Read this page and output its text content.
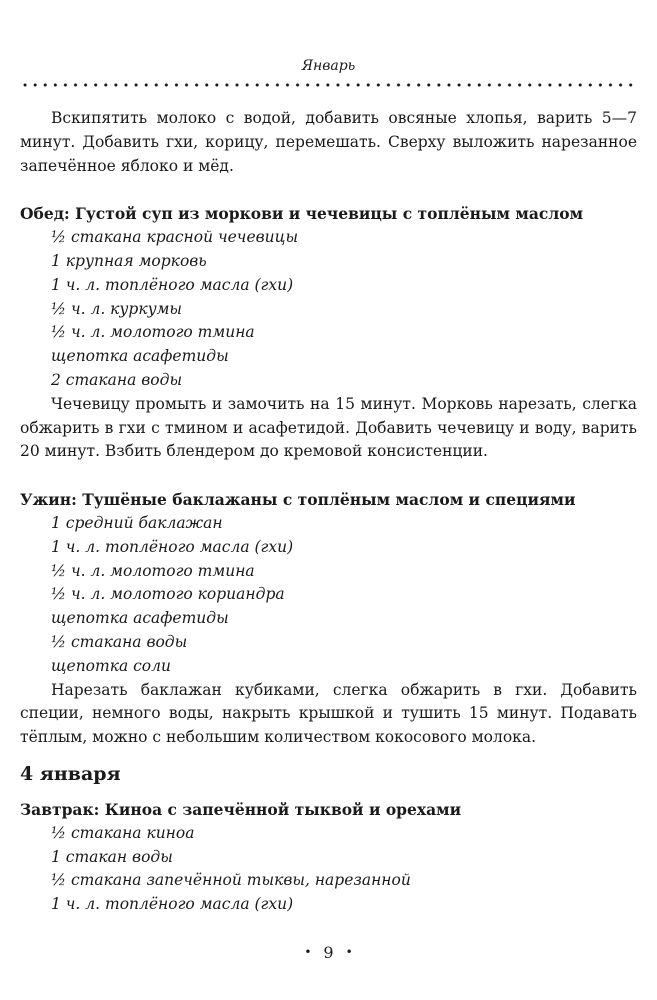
Январь

Вскипятить молоко с водой, добавить овсяные хлопья, варить 5—7 минут. Добавить гхи, корицу, перемешать. Сверху выложить нарезанное запечённое яблоко и мёд.

Обед: Густой суп из моркови и чечевицы с топлёным маслом

½ стакана красной чечевицы
1 крупная морковь
1 ч. л. топлёного масла (гхи)
½ ч. л. куркумы
½ ч. л. молотого тмина
щепотка асафетиды
2 стакана воды

Чечевицу промыть и замочить на 15 минут. Морковь нарезать, слегка обжарить в гхи с тмином и асафетидой. Добавить чечевицу и воду, варить 20 минут. Взбить блендером до кремовой консистенции.

Ужин: Тушёные баклажаны с топлёным маслом и специями

1 средний баклажан
1 ч. л. топлёного масла (гхи)
½ ч. л. молотого тмина
½ ч. л. молотого кориандра
щепотка асафетиды
½ стакана воды
щепотка соли

Нарезать баклажан кубиками, слегка обжарить в гхи. Добавить специи, немного воды, накрыть крышкой и тушить 15 минут. Подавать тёплым, можно с небольшим количеством кокосового молока.

4 января

Завтрак: Киноа с запечённой тыквой и орехами

½ стакана киноа
1 стакан воды
½ стакана запечённой тыквы, нарезанной
1 ч. л. топлёного масла (гхи)
• 9 •
